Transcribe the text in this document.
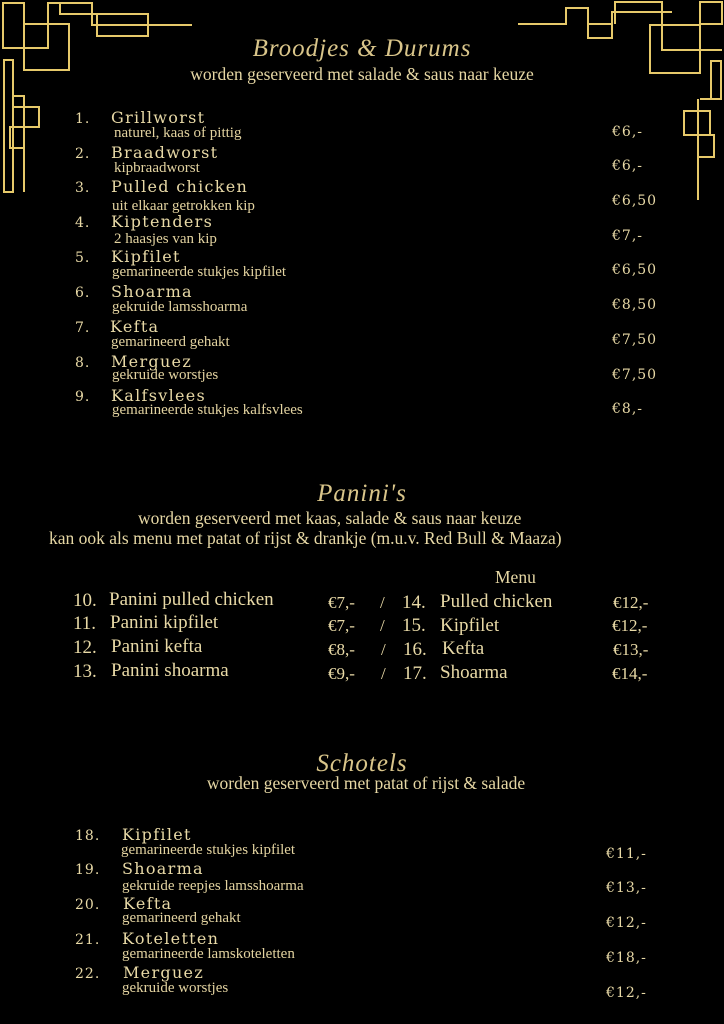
Broodjes & Durums
worden geserveerd met salade & saus naar keuze
1. Grillworst
naturel, kaas of pittig	€6,-
2. Braadworst
kipbraadworst	€6,-
3. Pulled chicken
uit elkaar getrokken kip	€6,50
4. Kiptenders
2 haasjes van kip	€7,-
5. Kipfilet
gemarineerde stukjes kipfilet	€6,50
6. Shoarma
gekruide lamsshoarma	€8,50
7. Kefta
gemarineerd gehakt	€7,50
8. Merguez
gekruide worstjes	€7,50
9. Kalfsvlees
gemarineerde stukjes kalfsvlees	€8,-
Panini's
worden geserveerd met kaas, salade & saus naar keuze
kan ook als menu met patat of rijst & drankje (m.u.v. Red Bull & Maaza)
Menu
10. Panini pulled chicken	€7,- / 14. Pulled chicken	€12,-
11. Panini kipfilet	€7,- / 15. Kipfilet	€12,-
12. Panini kefta	€8,- / 16. Kefta	€13,-
13. Panini shoarma	€9,- / 17. Shoarma	€14,-
Schotels
worden geserveerd met patat of rijst & salade
18. Kipfilet
gemarineerde stukjes kipfilet	€11,-
19. Shoarma
gekruide reepjes lamsshoarma	€13,-
20. Kefta
gemarineerd gehakt	€12,-
21. Koteletten
gemarineerde lamskoteletten	€18,-
22. Merguez
gekruide worstjes	€12,-
